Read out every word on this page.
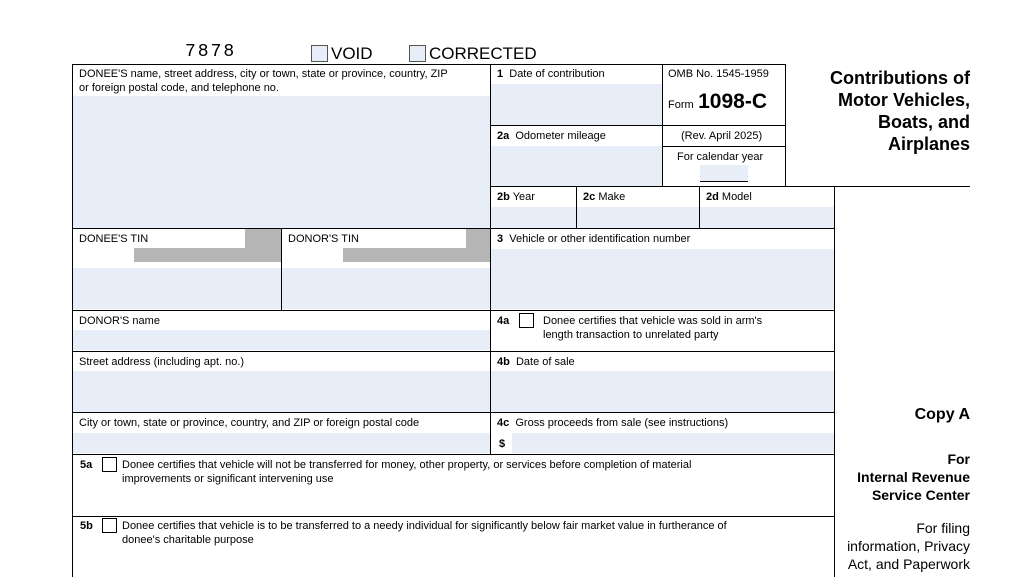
7878	VOID	CORRECTED
DONEE'S name, street address, city or town, state or province, country, ZIP
or foreign postal code, and telephone no.
1 Date of contribution	OMB No. 1545-1959
Form 1098-C
(Rev. April 2025)
For calendar year
2a Odometer mileage
2b Year	2c Make	2d Model
DONEE'S TIN	DONOR'S TIN	3 Vehicle or other identification number
DONOR'S name	4a	Donee certifies that vehicle was sold in arm's
length transaction to unrelated party
Street address (including apt. no.)	4b Date of sale
City or town, state or province, country, and ZIP or foreign postal code	4c Gross proceeds from sale (see instructions)
$
5a	Donee certifies that vehicle will not be transferred for money, other property, or services before completion of material
improvements or significant intervening use
5b	Donee certifies that vehicle is to be transferred to a needy individual for significantly below fair market value in furtherance of
donee's charitable purpose
Contributions of
Motor Vehicles,
Boats, and
Airplanes
Copy A
For
Internal Revenue
Service Center
For filing
information, Privacy
Act, and Paperwork
